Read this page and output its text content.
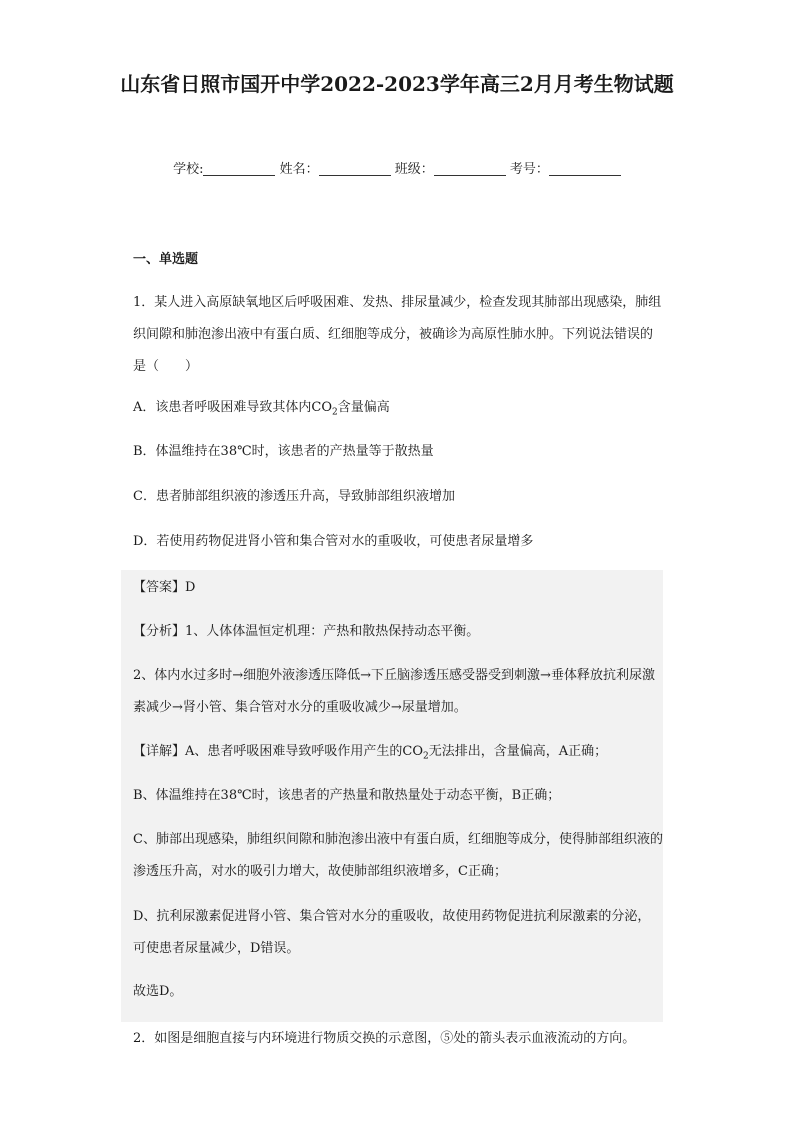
山东省日照市国开中学2022-2023学年高三2月月考生物试题
学校:	姓名：	班级：	考号：
一、单选题
1．某人进入高原缺氧地区后呼吸困难、发热、排尿量减少，检查发现其肺部出现感染，肺组织间隙和肺泡渗出液中有蛋白质、红细胞等成分，被确诊为高原性肺水肿。下列说法错误的是（　　）
A．该患者呼吸困难导致其体内$CO_2$含量偏高
B．体温维持在38℃时，该患者的产热量等于散热量
C．患者肺部组织液的渗透压升高，导致肺部组织液增加
D．若使用药物促进肾小管和集合管对水的重吸收，可使患者尿量增多
【答案】D
【分析】1、人体体温恒定机理：产热和散热保持动态平衡。
2、体内水过多时→细胞外液渗透压降低→下丘脑渗透压感受器受到刺激→垂体释放抗利尿激素减少→肾小管、集合管对水分的重吸收减少→尿量增加。
【详解】A、患者呼吸困难导致呼吸作用产生的$CO_2$无法排出，含量偏高，A正确；
B、体温维持在38℃时，该患者的产热量和散热量处于动态平衡，B正确；
C、肺部出现感染，肺组织间隙和肺泡渗出液中有蛋白质，红细胞等成分，使得肺部组织液的渗透压升高，对水的吸引力增大，故使肺部组织液增多，C正确；
D、抗利尿激素促进肾小管、集合管对水分的重吸收，故使用药物促进抗利尿激素的分泌，可使患者尿量减少，D错误。
故选D。
2．如图是细胞直接与内环境进行物质交换的示意图，⑤处的箭头表示血液流动的方向。
